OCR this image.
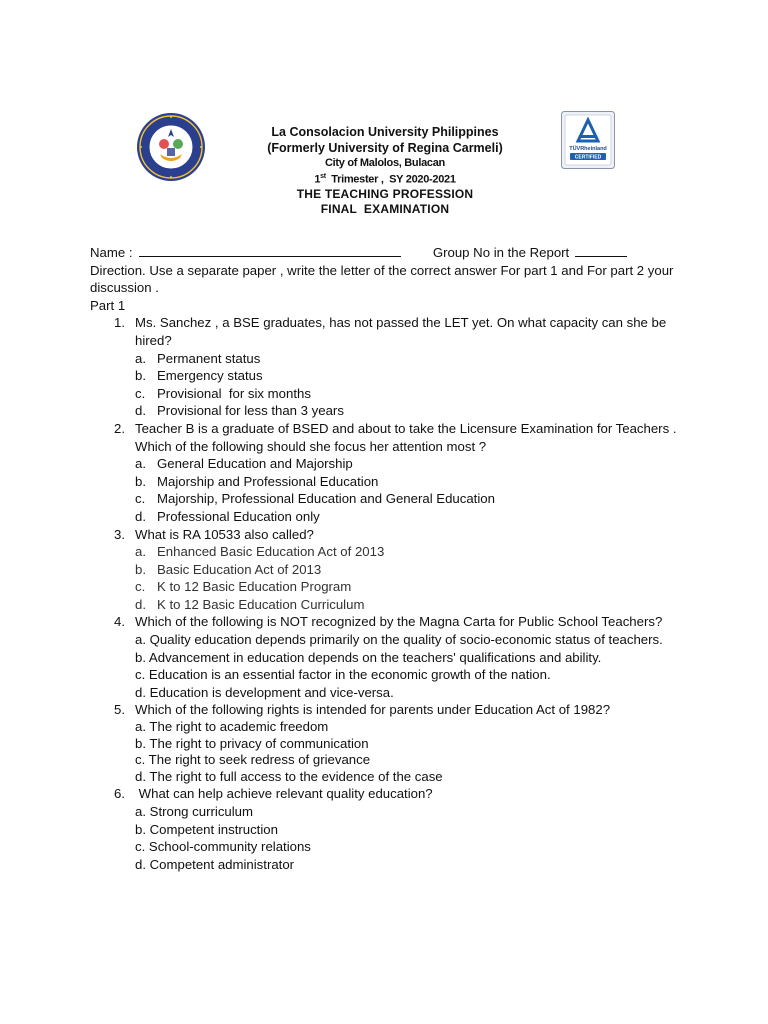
La Consolacion University Philippines
(Formerly University of Regina Carmeli)
City of Malolos, Bulacan
1st  Trimester ,  SY 2020-2021
THE TEACHING PROFESSION
FINAL  EXAMINATION
TÜVRheinland
CERTIFIED
Name :	Group No in the Report
Direction. Use a separate paper , write the letter of the correct answer For part 1 and For part 2 your discussion .
Part 1
1. Ms. Sanchez , a BSE graduates, has not passed the LET yet. On what capacity can she be hired?
a. Permanent status
b. Emergency status
c. Provisional  for six months
d. Provisional for less than 3 years
2. Teacher B is a graduate of BSED and about to take the Licensure Examination for Teachers . Which of the following should she focus her attention most ?
a. General Education and Majorship
b. Majorship and Professional Education
c. Majorship, Professional Education and General Education
d. Professional Education only
3. What is RA 10533 also called?
a. Enhanced Basic Education Act of 2013
b. Basic Education Act of 2013
c. K to 12 Basic Education Program
d. K to 12 Basic Education Curriculum
4. Which of the following is NOT recognized by the Magna Carta for Public School Teachers?
a. Quality education depends primarily on the quality of socio-economic status of teachers.
b. Advancement in education depends on the teachers' qualifications and ability.
c. Education is an essential factor in the economic growth of the nation.
d. Education is development and vice-versa.
5. Which of the following rights is intended for parents under Education Act of 1982?
a. The right to academic freedom
b. The right to privacy of communication
c. The right to seek redress of grievance
d. The right to full access to the evidence of the case
6. What can help achieve relevant quality education?
a. Strong curriculum
b. Competent instruction
c. School-community relations
d. Competent administrator
